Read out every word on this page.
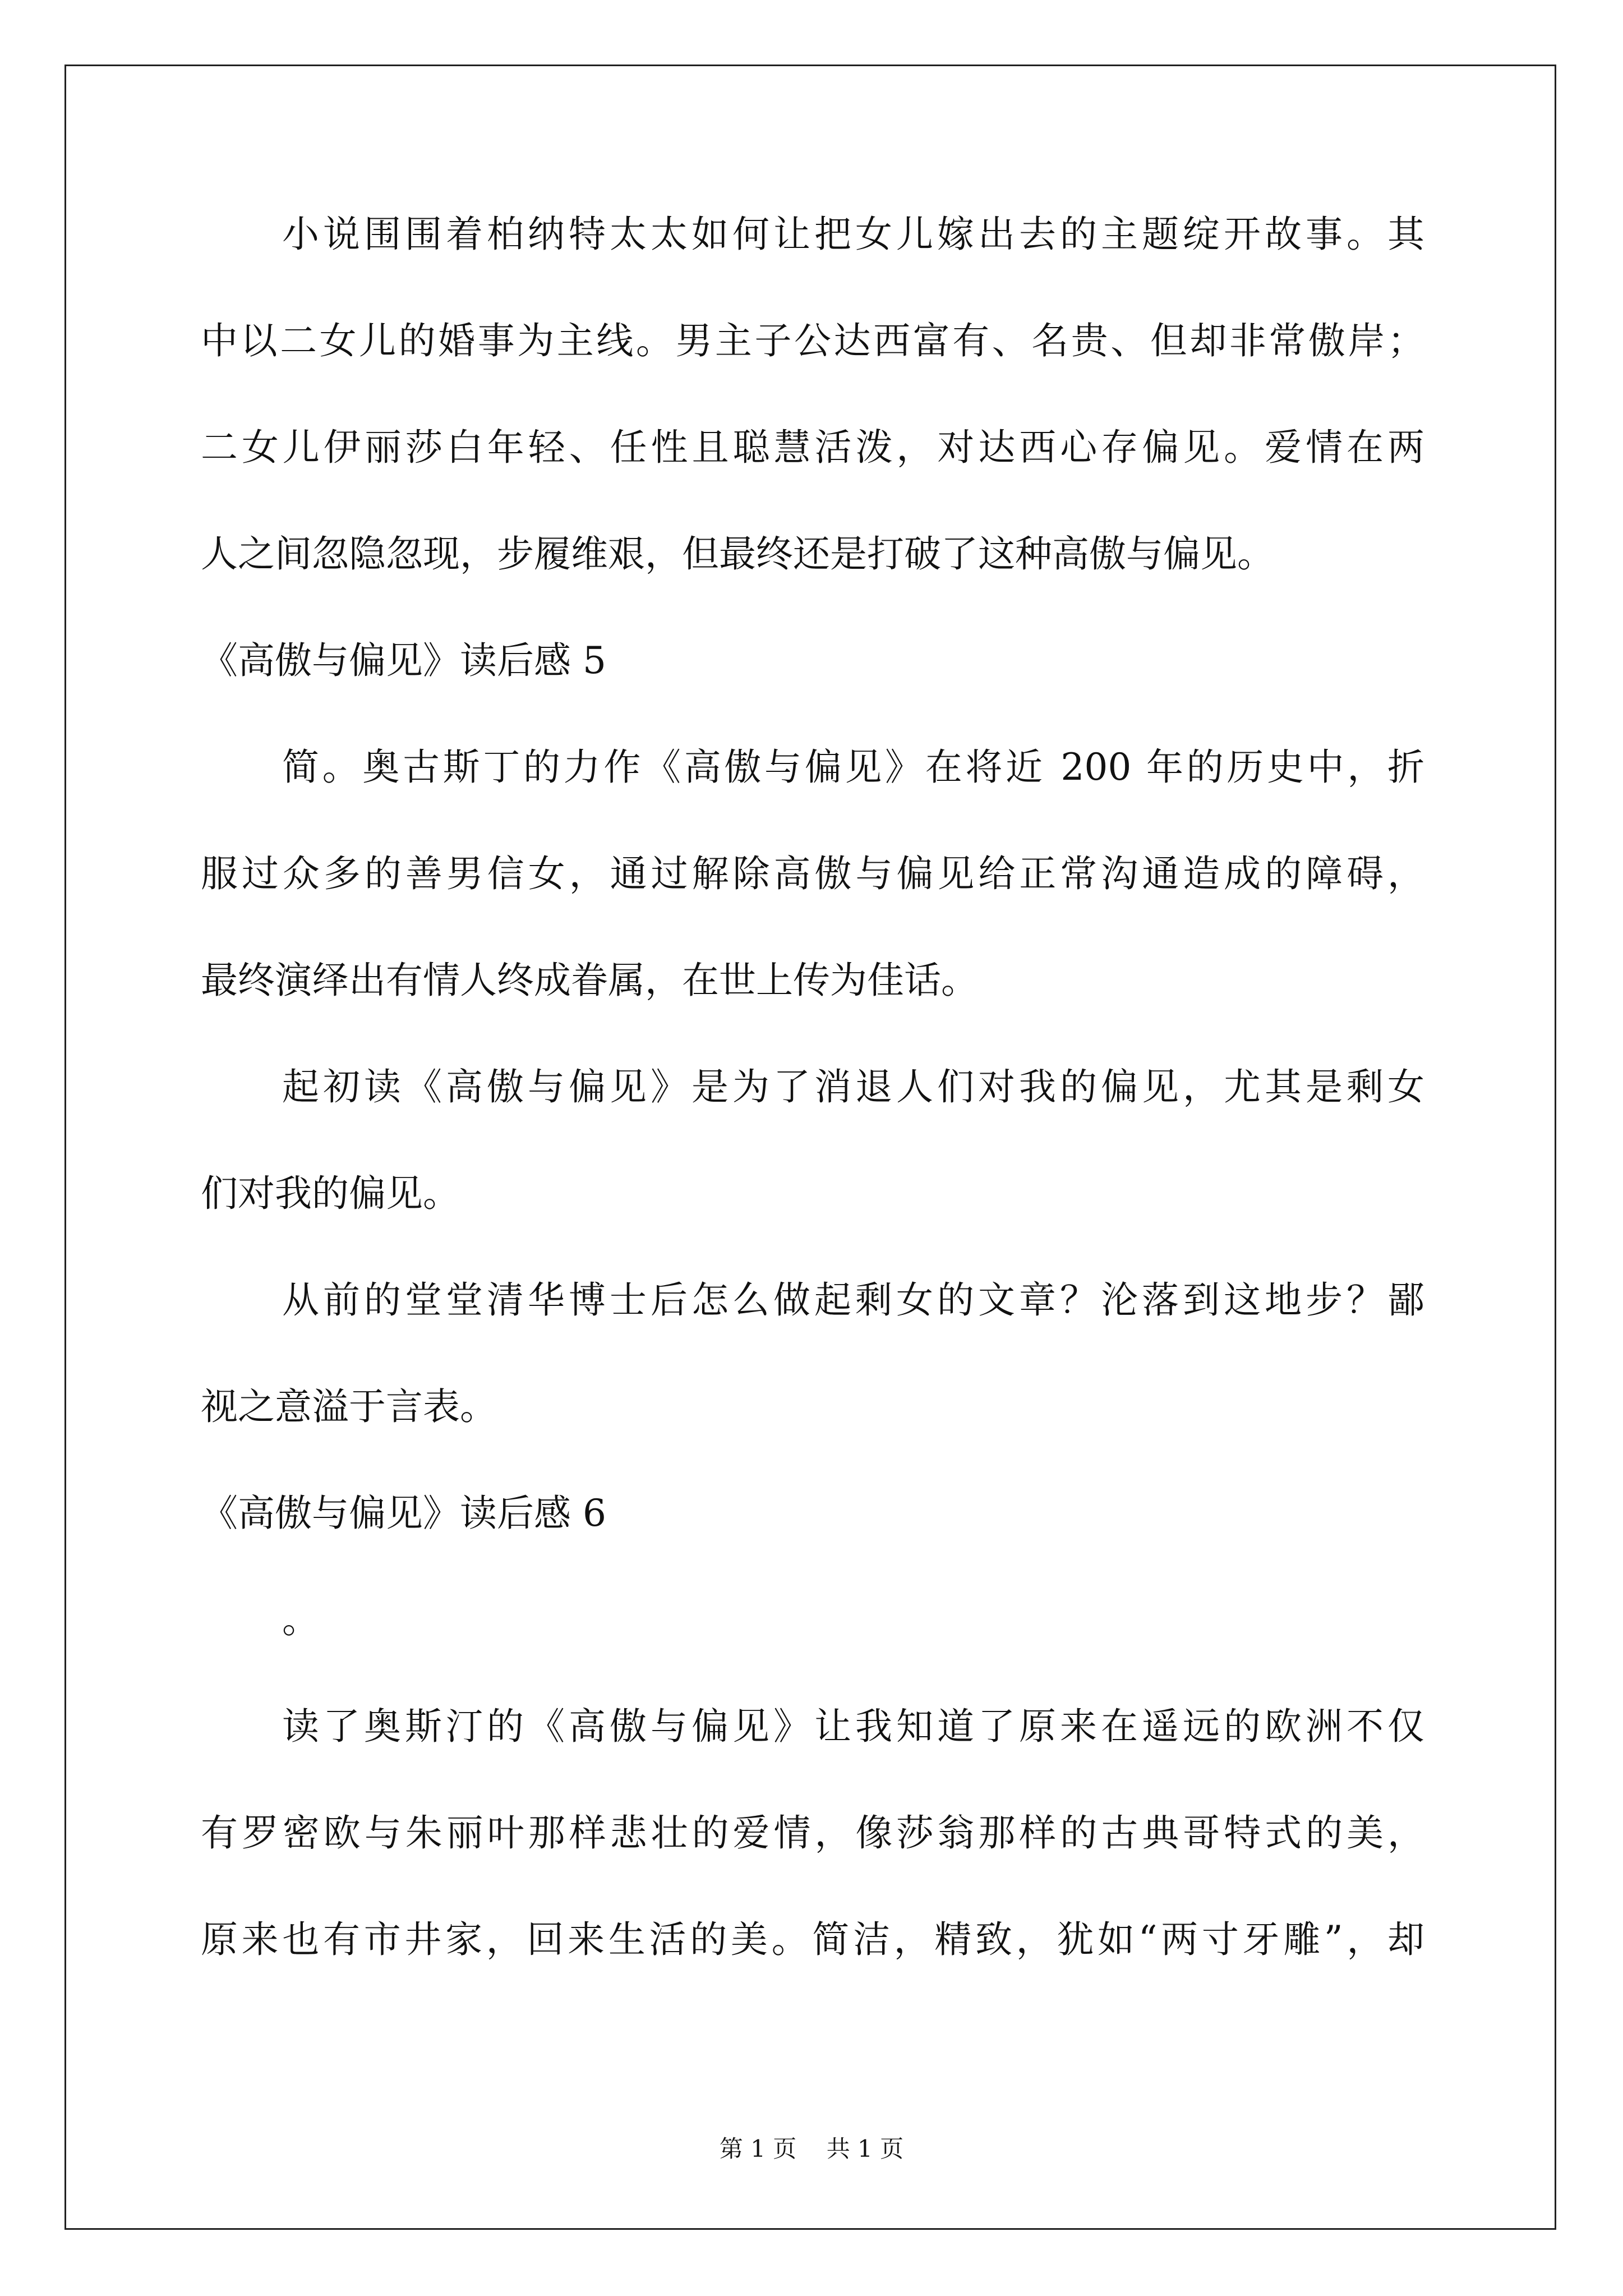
小说围围着柏纳特太太如何让把女儿嫁出去的主题绽开故事。其
中以二女儿的婚事为主线。男主子公达西富有、名贵、但却非常傲岸；
二女儿伊丽莎白年轻、任性且聪慧活泼，对达西心存偏见。爱情在两
人之间忽隐忽现，步履维艰，但最终还是打破了这种高傲与偏见。
《高傲与偏见》读后感 5
简。奥古斯丁的力作《高傲与偏见》在将近 200 年的历史中，折
服过众多的善男信女，通过解除高傲与偏见给正常沟通造成的障碍，
最终演绎出有情人终成眷属，在世上传为佳话。
起初读《高傲与偏见》是为了消退人们对我的偏见，尤其是剩女
们对我的偏见。
从前的堂堂清华博士后怎么做起剩女的文章？沦落到这地步？鄙
视之意溢于言表。
《高傲与偏见》读后感 6
。
读了奥斯汀的《高傲与偏见》让我知道了原来在遥远的欧洲不仅
有罗密欧与朱丽叶那样悲壮的爱情，像莎翁那样的古典哥特式的美，
原来也有市井家，回来生活的美。简洁，精致，犹如“两寸牙雕”，却
第 1 页    共 1 页
